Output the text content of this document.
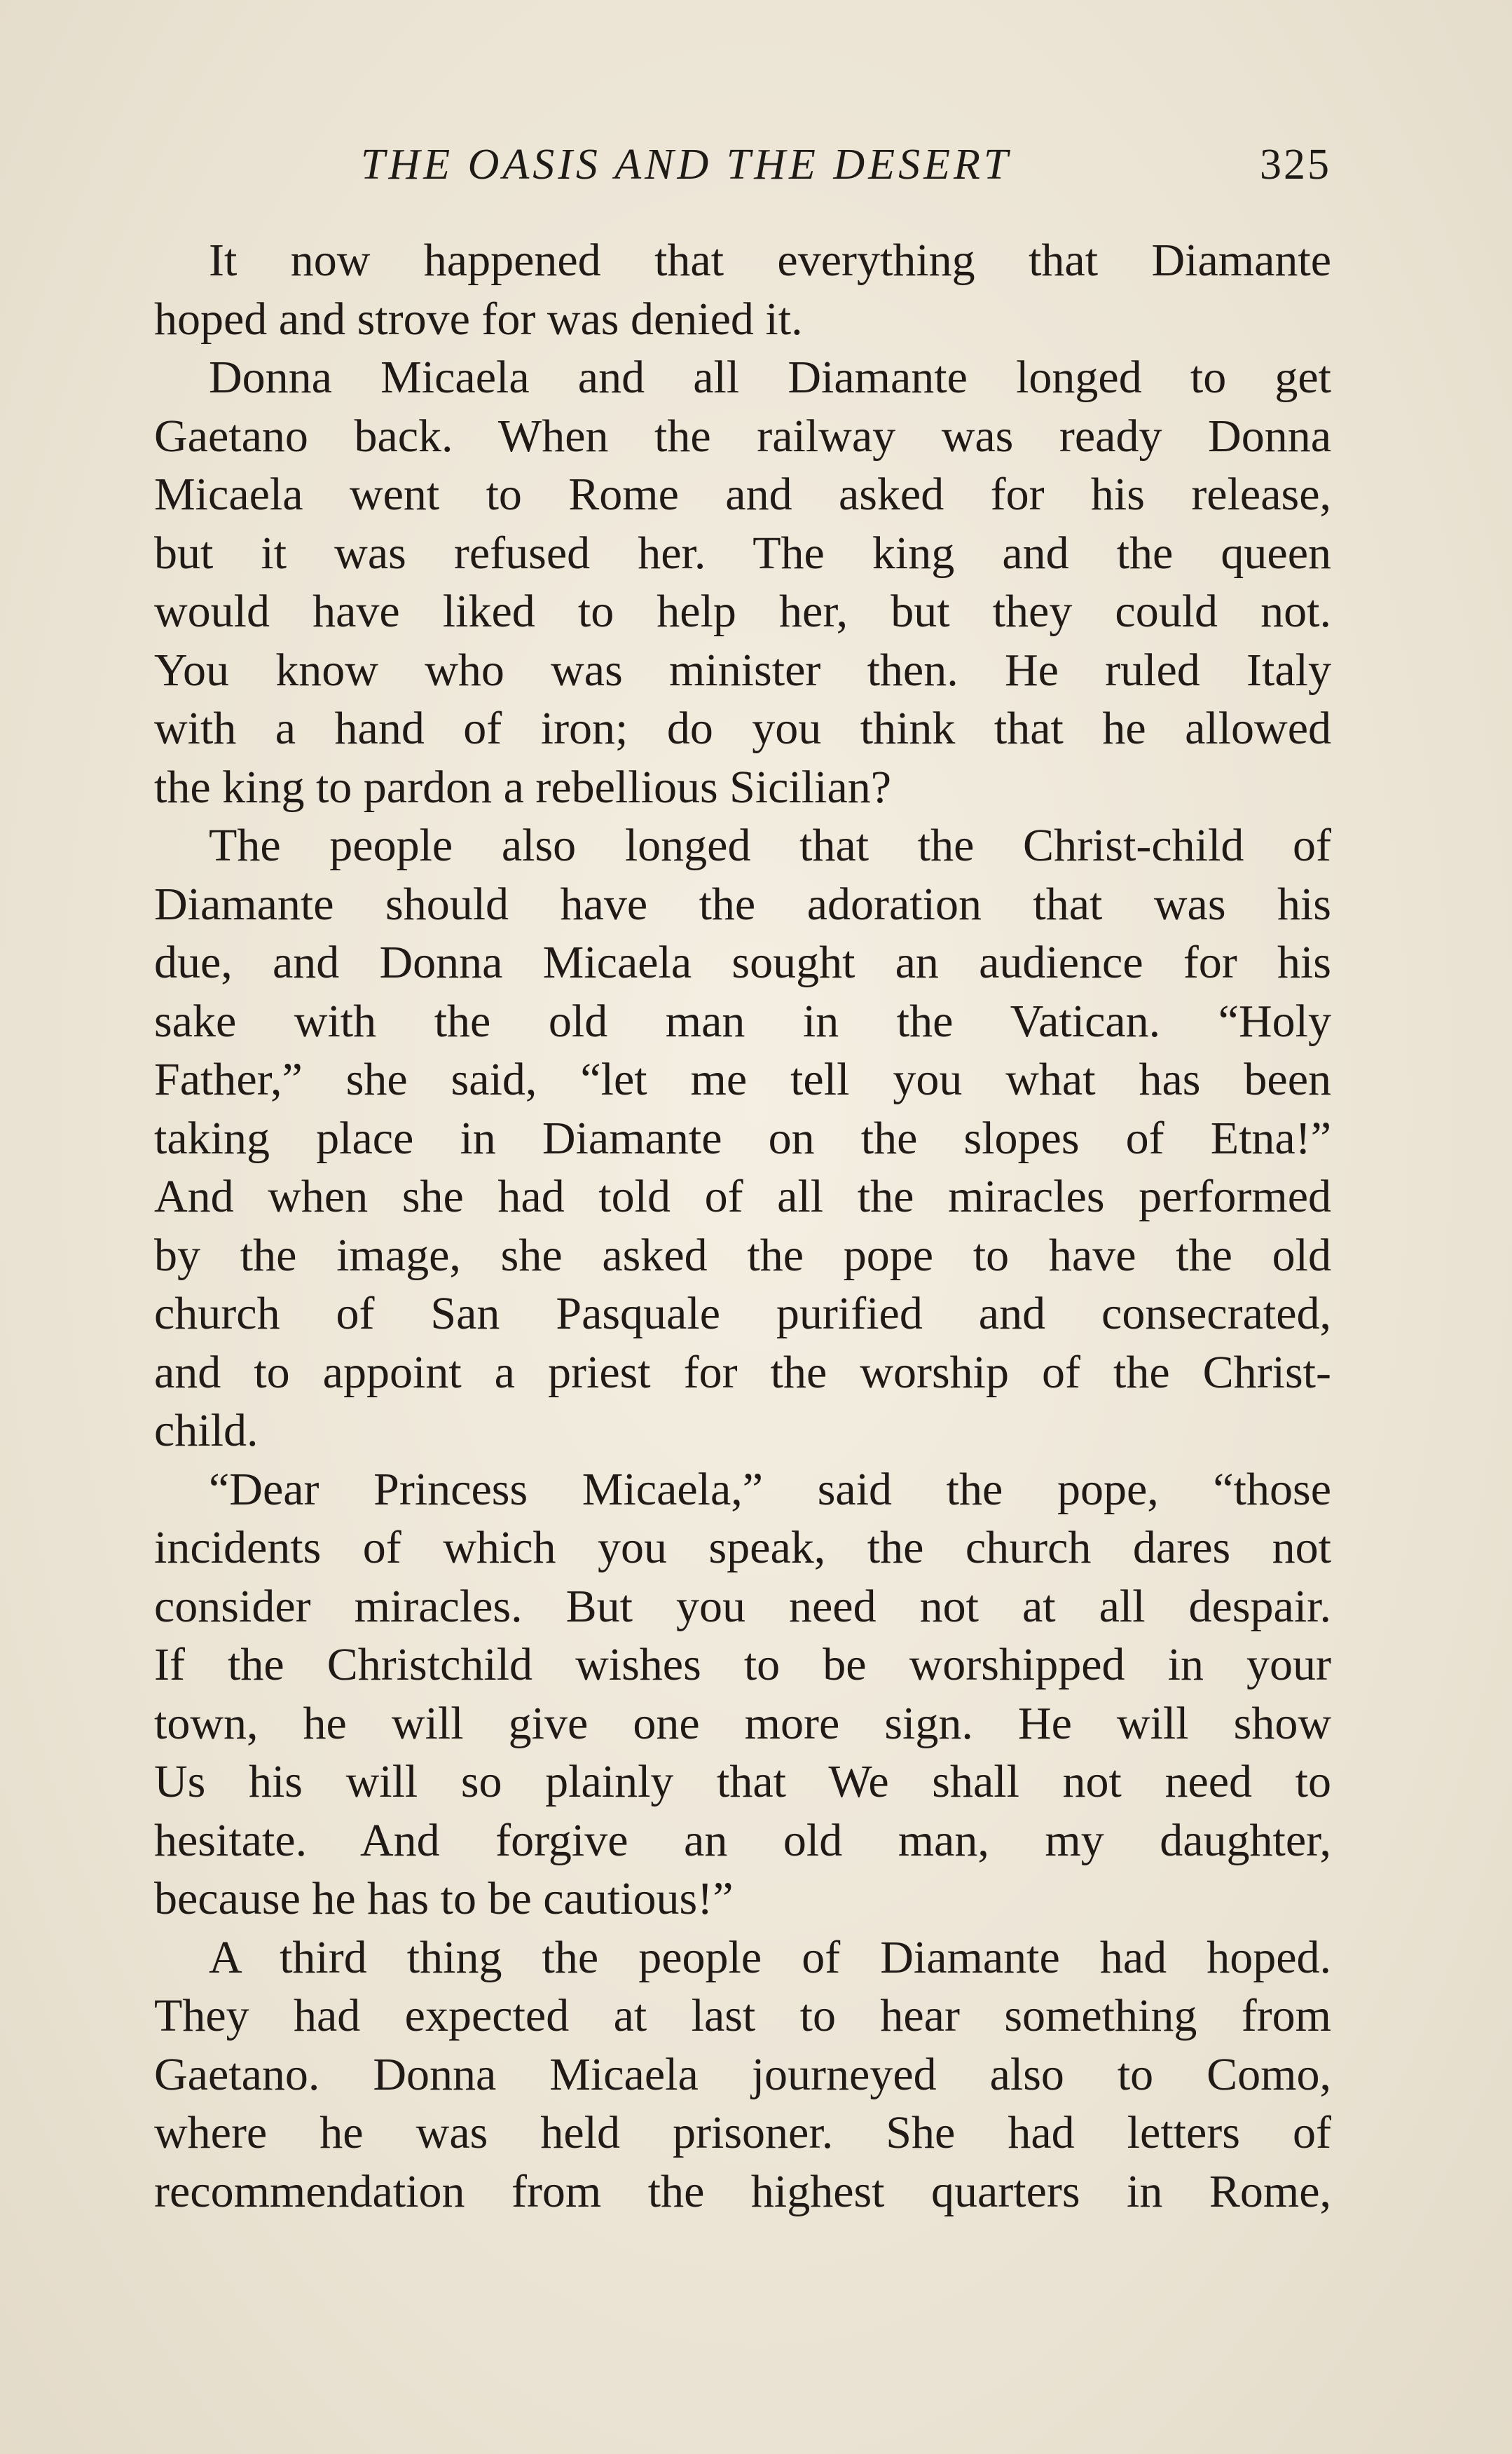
THE OASIS AND THE DESERT	325
It now happened that everything that Diamante
hoped and strove for was denied it.
Donna Micaela and all Diamante longed to get
Gaetano back. When the railway was ready Donna
Micaela went to Rome and asked for his release,
but it was refused her. The king and the queen
would have liked to help her, but they could not.
You know who was minister then. He ruled Italy
with a hand of iron; do you think that he allowed
the king to pardon a rebellious Sicilian?
The people also longed that the Christ-child of
Diamante should have the adoration that was his
due, and Donna Micaela sought an audience for his
sake with the old man in the Vatican. “Holy
Father,” she said, “let me tell you what has been
taking place in Diamante on the slopes of Etna!”
And when she had told of all the miracles performed
by the image, she asked the pope to have the old
church of San Pasquale purified and consecrated,
and to appoint a priest for the worship of the Christ-
child.
“Dear Princess Micaela,” said the pope, “those
incidents of which you speak, the church dares not
consider miracles. But you need not at all despair.
If the Christchild wishes to be worshipped in your
town, he will give one more sign. He will show
Us his will so plainly that We shall not need to
hesitate. And forgive an old man, my daughter,
because he has to be cautious!”
A third thing the people of Diamante had hoped.
They had expected at last to hear something from
Gaetano. Donna Micaela journeyed also to Como,
where he was held prisoner. She had letters of
recommendation from the highest quarters in Rome,
